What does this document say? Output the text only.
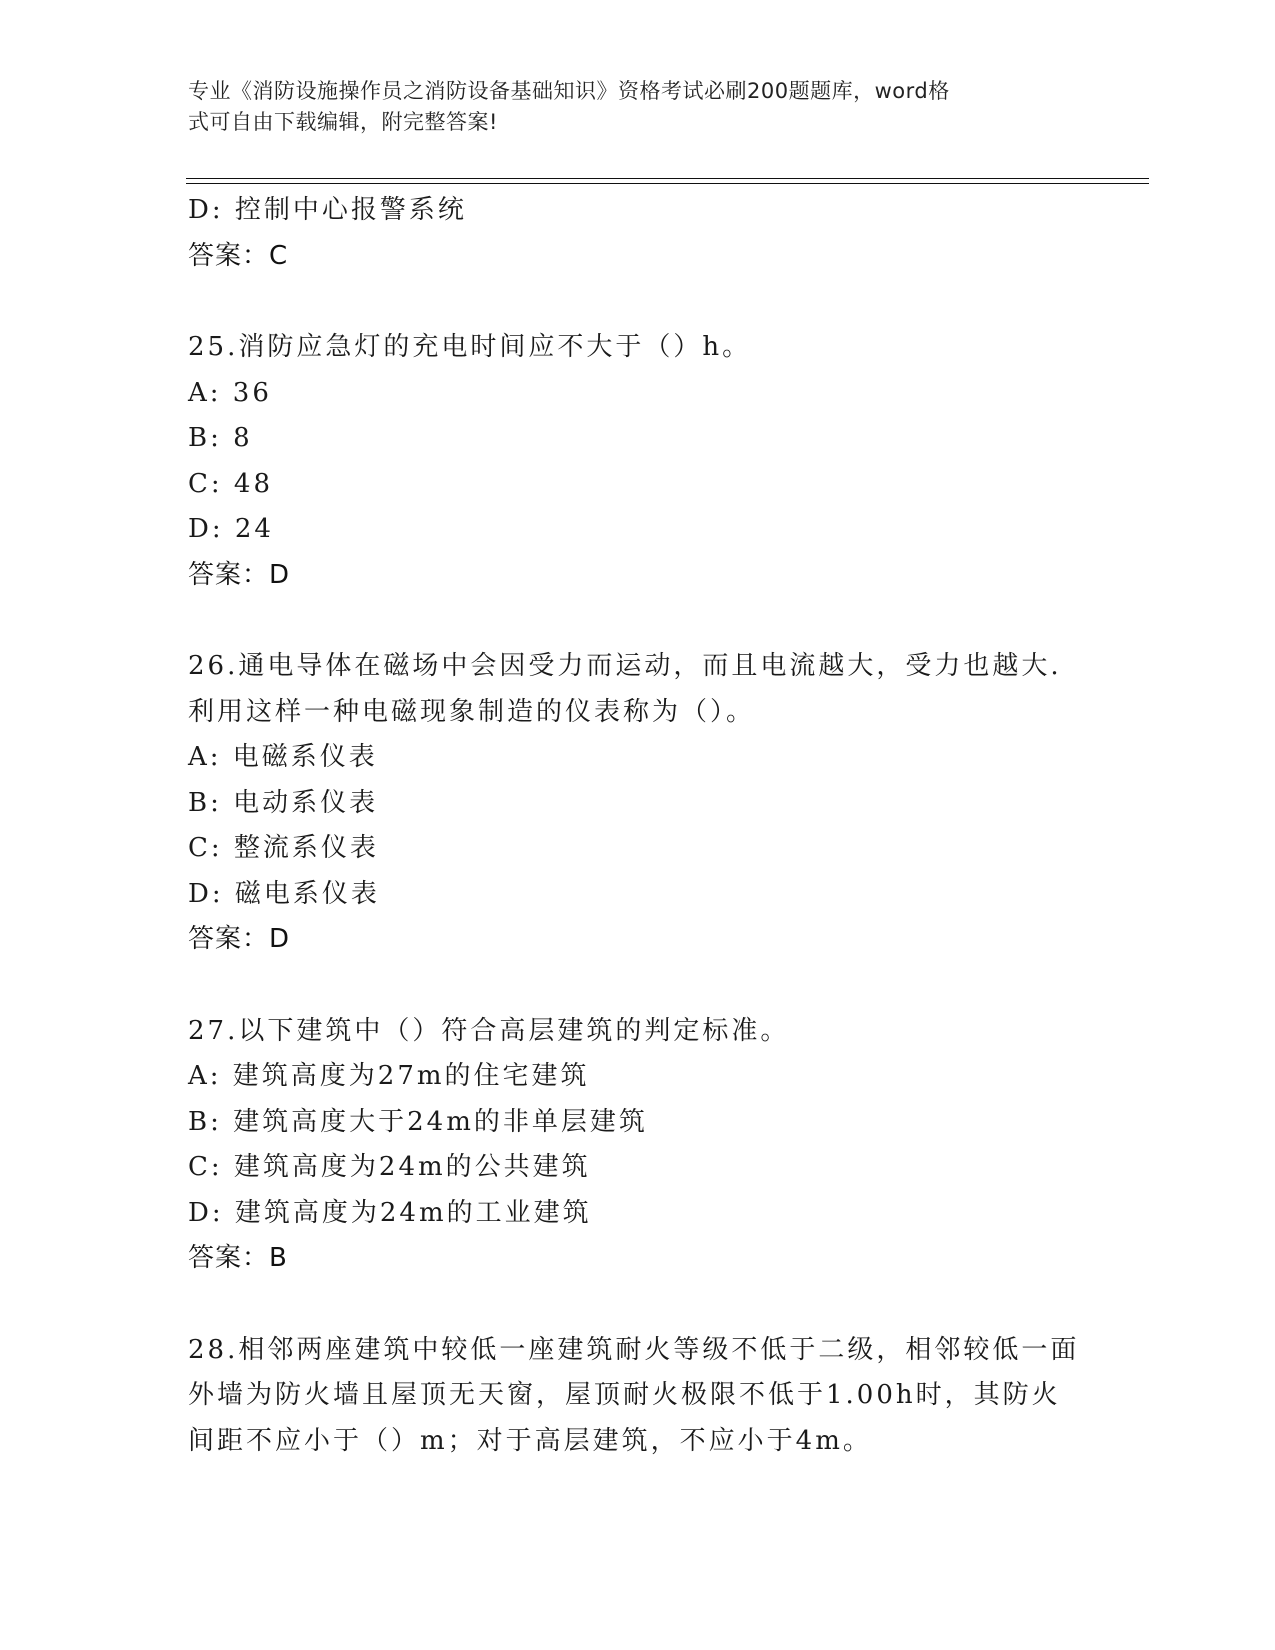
专业《消防设施操作员之消防设备基础知识》资格考试必刷200题题库，word格
式可自由下载编辑，附完整答案!
D: 控制中心报警系统
答案：C
25.消防应急灯的充电时间应不大于（）h。
A: 36
B: 8
C: 48
D: 24
答案：D
26.通电导体在磁场中会因受力而运动，而且电流越大，受力也越大.
利用这样一种电磁现象制造的仪表称为（）。
A: 电磁系仪表
B: 电动系仪表
C: 整流系仪表
D: 磁电系仪表
答案：D
27.以下建筑中（）符合高层建筑的判定标准。
A: 建筑高度为27m的住宅建筑
B: 建筑高度大于24m的非单层建筑
C: 建筑高度为24m的公共建筑
D: 建筑高度为24m的工业建筑
答案：B
28.相邻两座建筑中较低一座建筑耐火等级不低于二级，相邻较低一面
外墙为防火墙且屋顶无天窗，屋顶耐火极限不低于1.00h时，其防火
间距不应小于（）m；对于高层建筑，不应小于4m。
